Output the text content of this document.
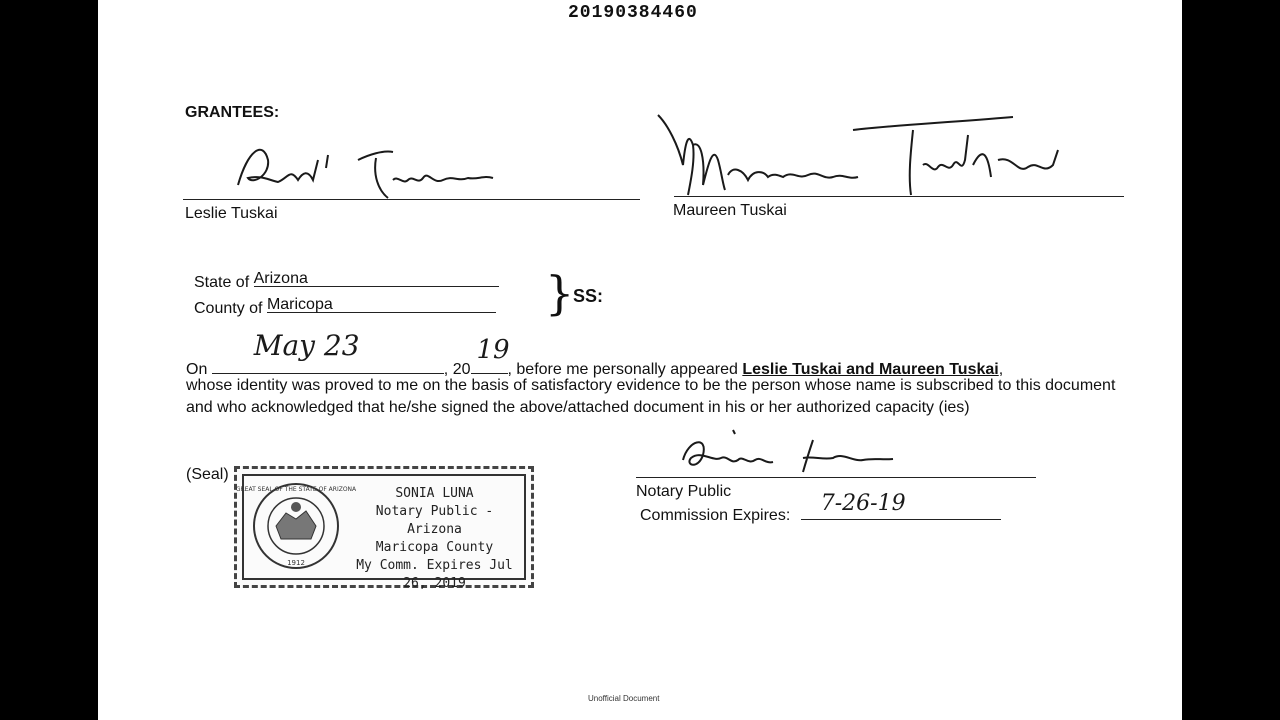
20190384460
GRANTEES:
Leslie Tuskai	Maureen Tuskai
State of Arizona
County of Maricopa	}
SS:
On
May 23
, 20
19
, before me personally appeared Leslie Tuskai and Maureen Tuskai,
whose identity was proved to me on the basis of satisfactory evidence to be the person whose name is subscribed to this document and who acknowledged that he/she signed the above/attached document in his or her authorized capacity (ies)
(Seal)
GREAT SEAL OF THE STATE OF ARIZONA
1912
SONIA LUNA
Notary Public - Arizona
Maricopa County
My Comm. Expires Jul 26, 2019
Notary Public
Commission Expires: 7-26-19
Unofficial Document
